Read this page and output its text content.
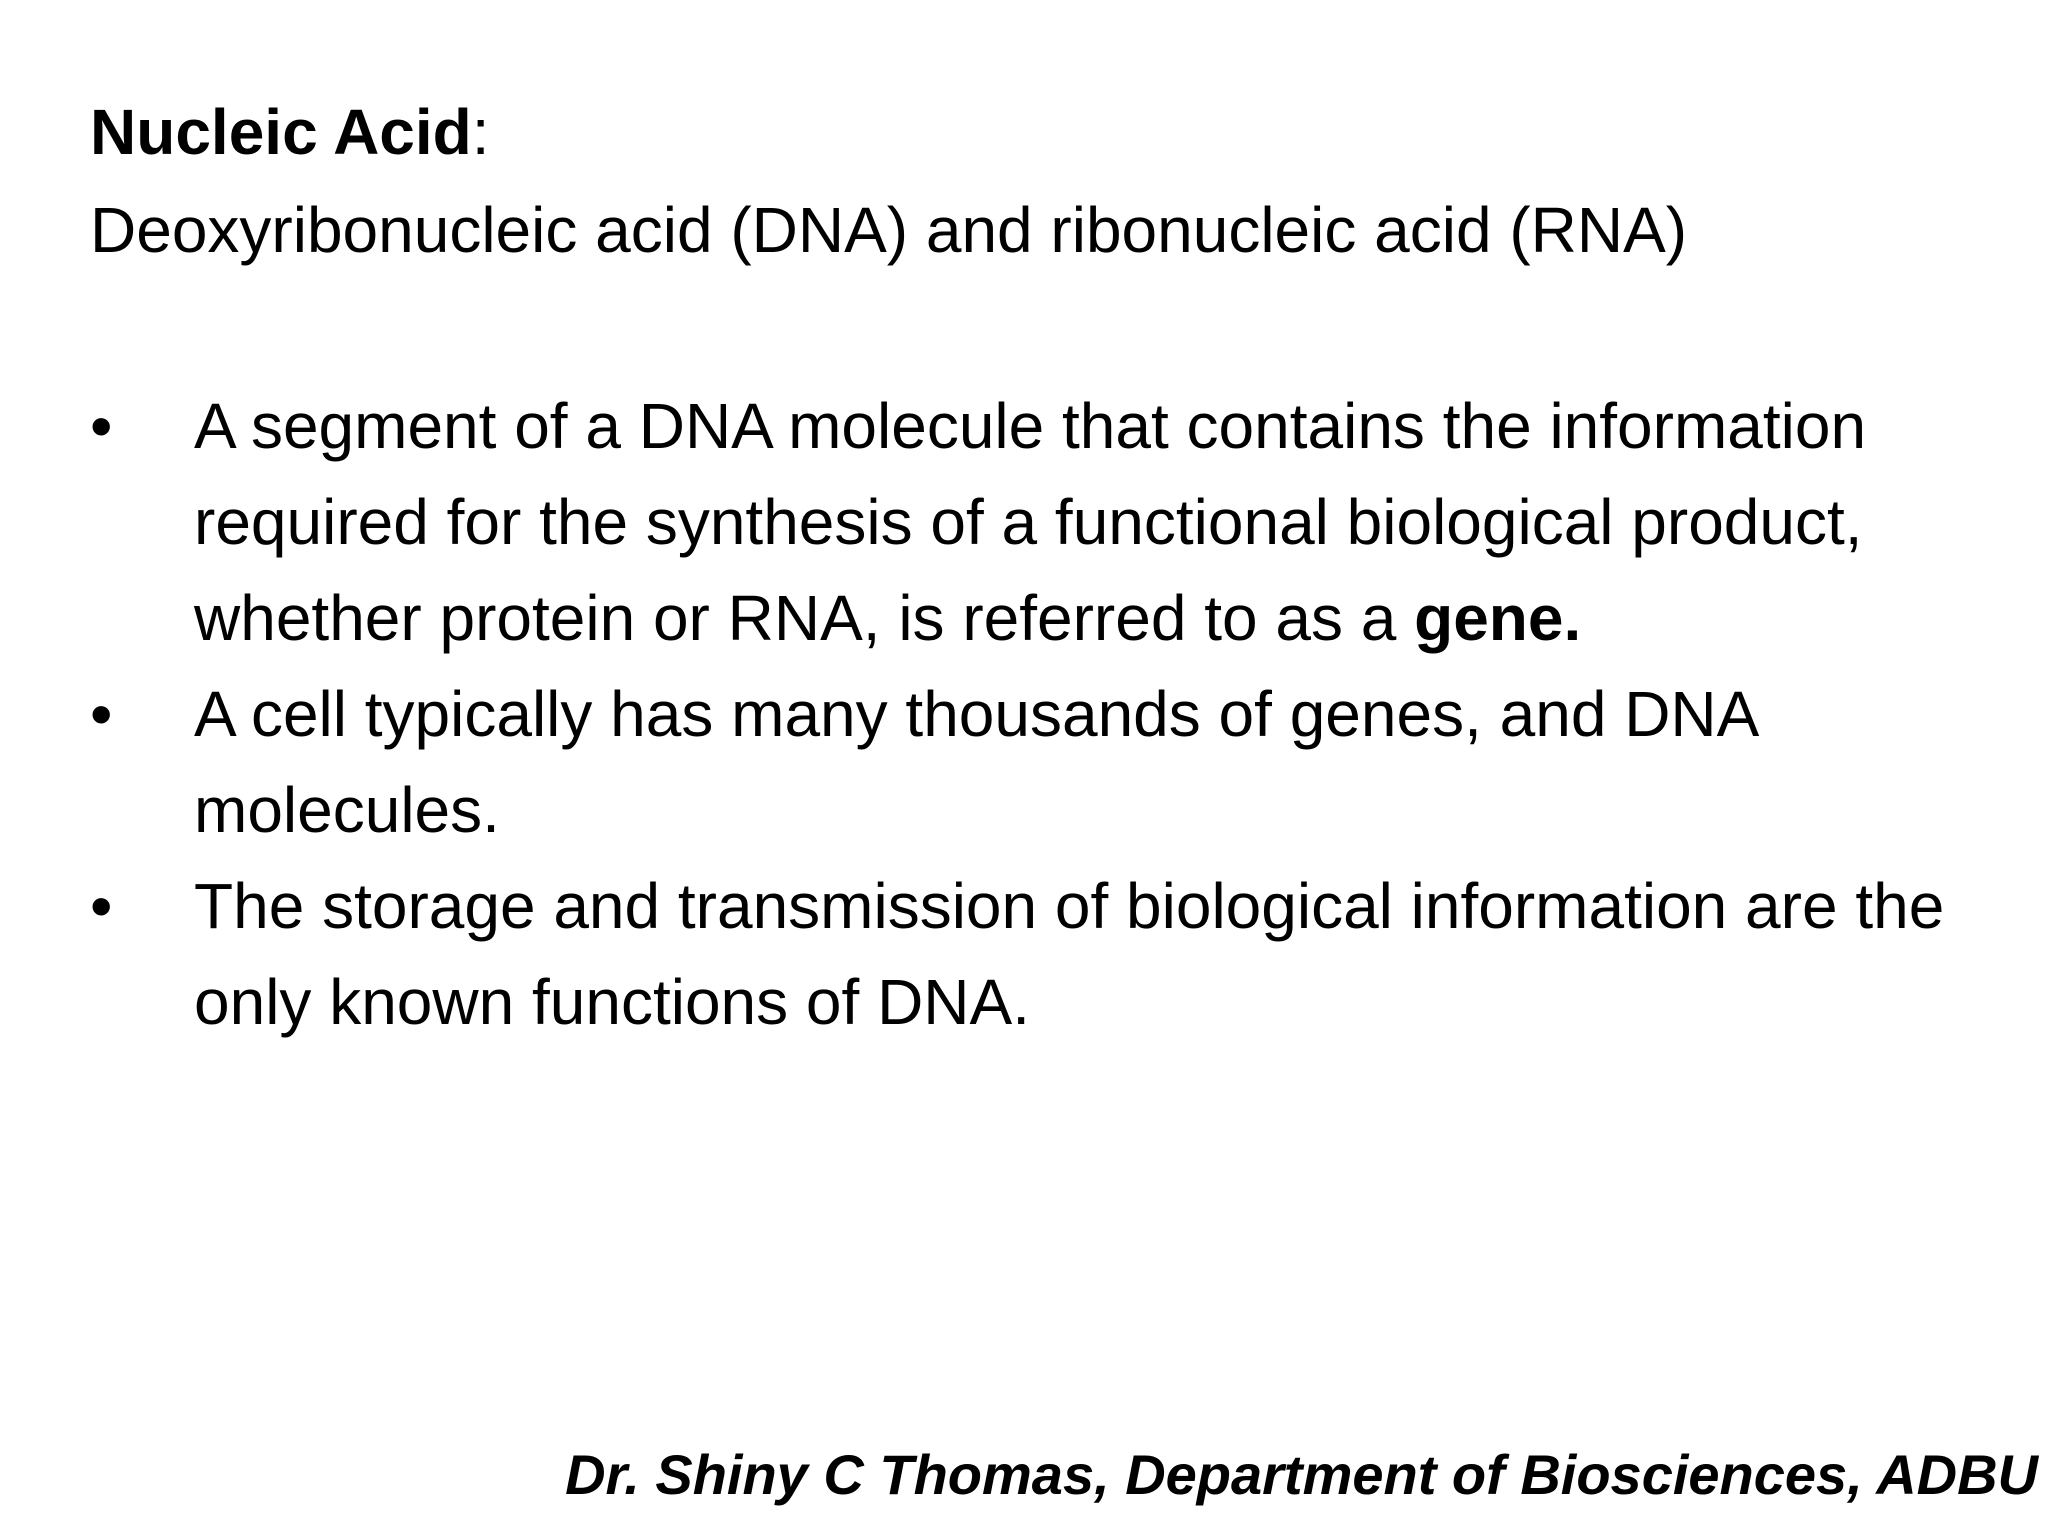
Nucleic Acid:
Deoxyribonucleic acid (DNA) and ribonucleic acid (RNA)
• A segment of a DNA molecule that contains the information required for the synthesis of a functional biological product, whether protein or RNA, is referred to as a gene.
• A cell typically has many thousands of genes, and DNA molecules.
• The storage and transmission of biological information are the only known functions of DNA.
Dr. Shiny C Thomas, Department of Biosciences, ADBU
